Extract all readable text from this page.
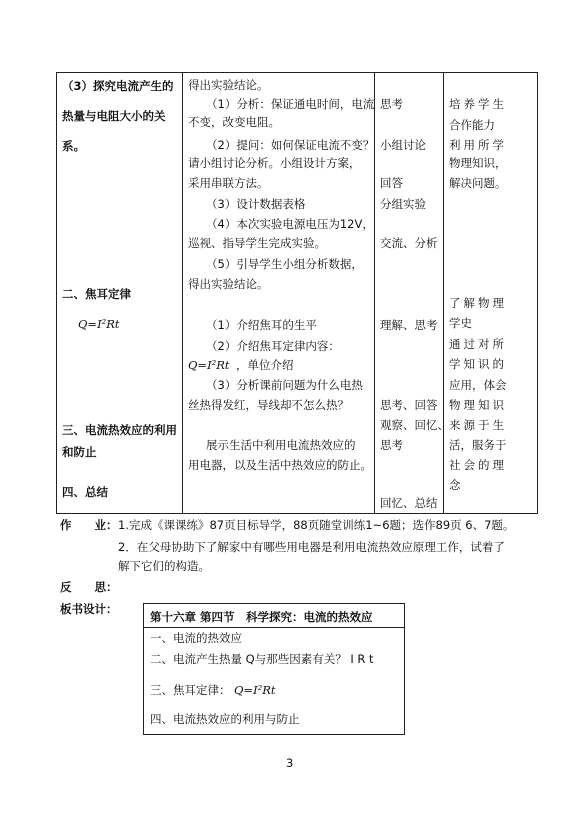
（3）探究电流产生的
热量与电阻大小的关
系。
二、焦耳定律
Q=I²Rt
三、电流热效应的利用
和防止
四、总结
得出实验结论。
（1）分析：保证通电时间，电流
不变，改变电阻。
（2）提问：如何保证电流不变？
请小组讨论分析。小组设计方案，
采用串联方法。
（3）设计数据表格
（4）本次实验电源电压为12V，
巡视、指导学生完成实验。
（5）引导学生小组分析数据，
得出实验结论。
（1）介绍焦耳的生平
（2）介绍焦耳定律内容：
Q=I²Rt ，单位介绍
（3）分析课前问题为什么电热
丝热得发红，导线却不怎么热？
展示生活中利用电流热效应的
用电器，以及生活中热效应的防止。
思考
小组讨论
回答
分组实验
交流、分析
理解、思考
思考、回答
观察、回忆、
思考
回忆、总结
培养学生
合作能力
利用所学
物理知识，
解决问题。
了解物理
学史
通过对所
学知识的
应用，体会
物理知识
来源于生
活，服务于
社会的理
念
作　　业： 1.完成《课课练》87页目标导学，88页随堂训练1~6题；选作89页 6、7题。
2．在父母协助下了解家中有哪些用电器是利用电流热效应原理工作，试着了
解下它们的构造。
反　　思：
板书设计：
第十六章 第四节　科学探究：电流的热效应
一、电流的热效应
二、电流产生热量 Q与那些因素有关？ I R t
三、焦耳定律： Q=I²Rt
四、电流热效应的利用与防止
3
